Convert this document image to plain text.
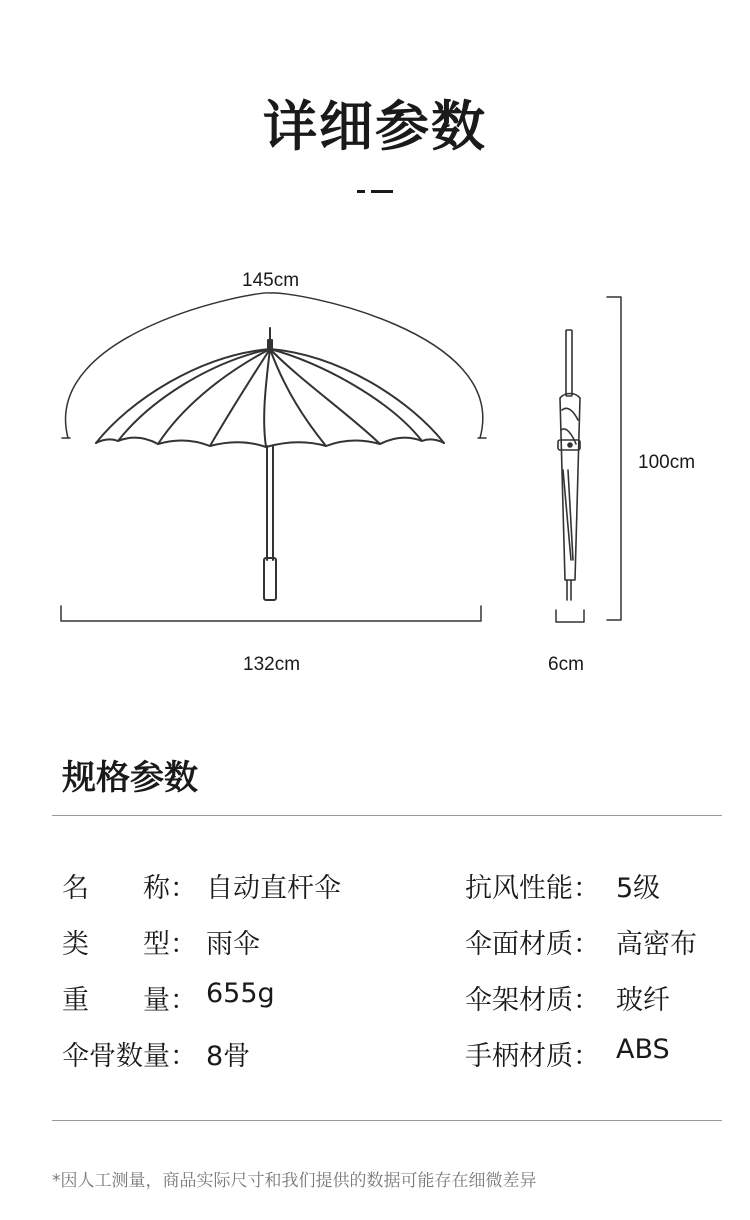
详细参数
145cm
132cm
100cm
6cm
规格参数
名　　称： 自动直杆伞
类　　型： 雨伞
重　　量： 655g
伞骨数量： 8骨
抗风性能： 5级
伞面材质： 高密布
伞架材质： 玻纤
手柄材质： ABS
*因人工测量，商品实际尺寸和我们提供的数据可能存在细微差异
